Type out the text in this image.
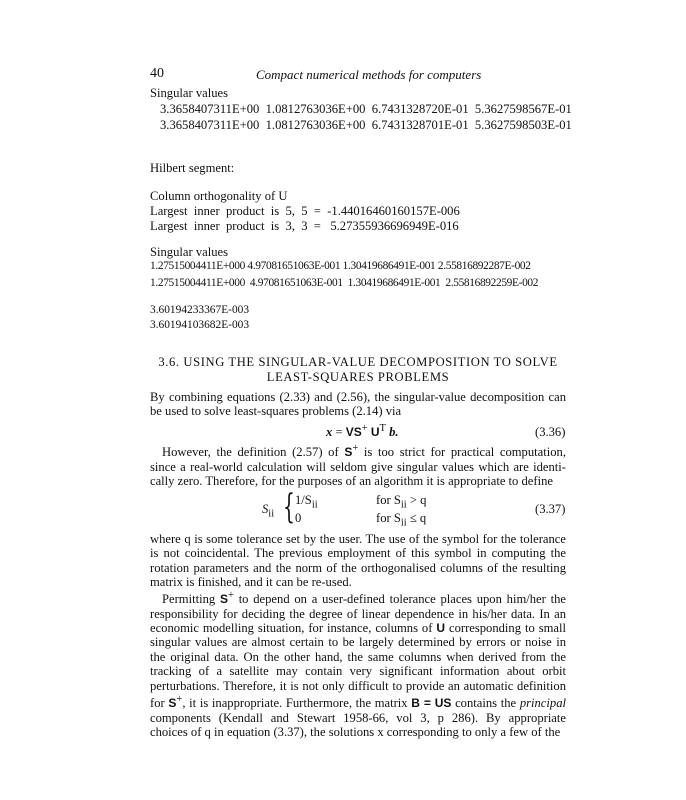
40	Compact numerical methods for computers
Singular values
3.3658407311E+00  1.0812763036E+00  6.7431328720E-01  5.3627598567E-01
3.3658407311E+00  1.0812763036E+00  6.7431328701E-01  5.3627598503E-01
Hilbert segment:
Column orthogonality of U
Largest  inner  product  is  5,  5  =  -1.44016460160157E-006
Largest  inner  product  is  3,  3  =   5.27355936696949E-016
Singular values
1.27515004411E+000 4.97081651063E-001 1.30419686491E-001 2.55816892287E-002
1.27515004411E+000  4.97081651063E-001  1.30419686491E-001  2.55816892259E-002
3.60194233367E-003
3.60194103682E-003
3.6. USING THE SINGULAR-VALUE DECOMPOSITION TO SOLVE
LEAST-SQUARES PROBLEMS
By combining equations (2.33) and (2.56), the singular-value decomposition can
be used to solve least-squares problems (2.14) via
x = VS+ $U^T$ b.	(3.36)
However, the definition (2.57) of S+ is too strict for practical computation,
since a real-world calculation will seldom give singular values which are identi-
cally zero. Therefore, for the purposes of an algorithm it is appropriate to define
$S_{ii}$ { $1/S_{ii}$	for $S_{ii} > q$
0	for $S_{ii} \le q$
(3.37)
where q is some tolerance set by the user. The use of the symbol for the tolerance
is not coincidental. The previous employment of this symbol in computing the
rotation parameters and the norm of the orthogonalised columns of the resulting
matrix is finished, and it can be re-used.
Permitting S+ to depend on a user-defined tolerance places upon him/her the
responsibility for deciding the degree of linear dependence in his/her data. In an
economic modelling situation, for instance, columns of U corresponding to small
singular values are almost certain to be largely determined by errors or noise in
the original data. On the other hand, the same columns when derived from the
tracking of a satellite may contain very significant information about orbit
perturbations. Therefore, it is not only difficult to provide an automatic definition
for S+, it is inappropriate. Furthermore, the matrix B = US contains the principal
components (Kendall and Stewart 1958-66, vol 3, p 286). By appropriate
choices of q in equation (3.37), the solutions x corresponding to only a few of the
